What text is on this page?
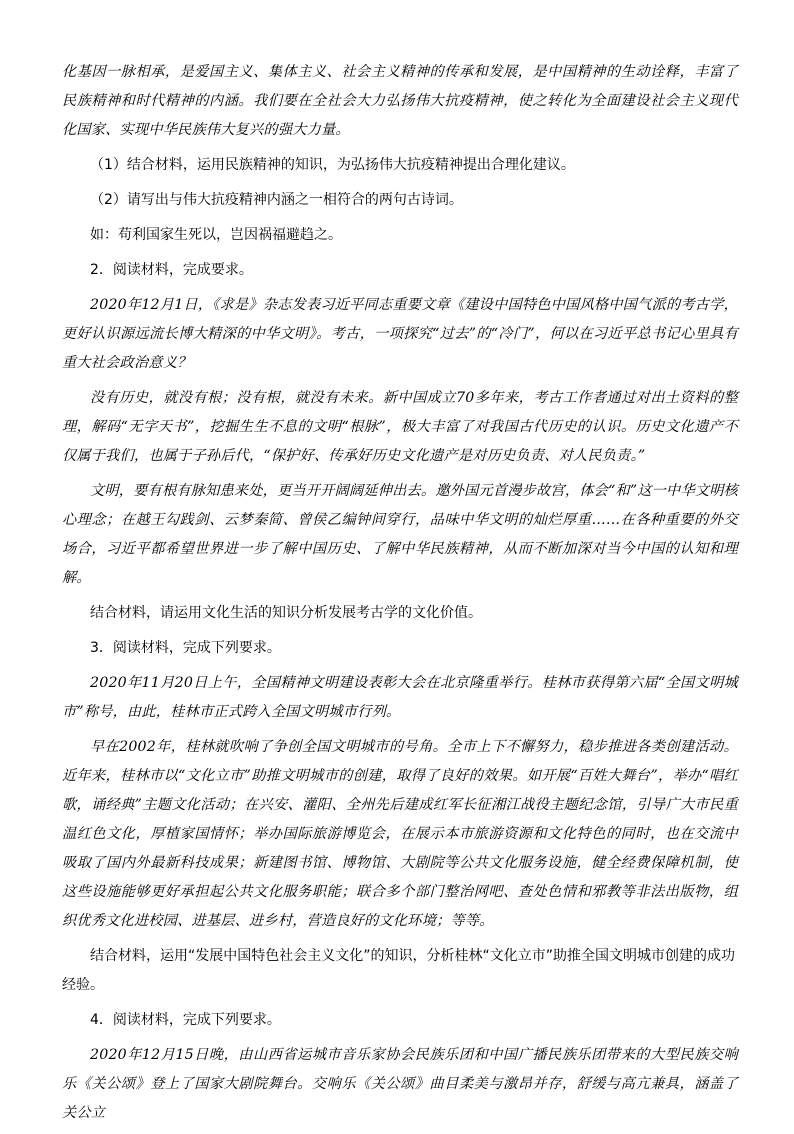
化基因一脉相承，是爱国主义、集体主义、社会主义精神的传承和发展，是中国精神的生动诠释，丰富了民族精神和时代精神的内涵。我们要在全社会大力弘扬伟大抗疫精神，使之转化为全面建设社会主义现代化国家、实现中华民族伟大复兴的强大力量。

（1）结合材料，运用民族精神的知识，为弘扬伟大抗疫精神提出合理化建议。

（2）请写出与伟大抗疫精神内涵之一相符合的两句古诗词。

如：苟利国家生死以，岂因祸福避趋之。

2．阅读材料，完成要求。

2020年12月1日，《求是》杂志发表习近平同志重要文章《建设中国特色中国风格中国气派的考古学，更好认识源远流长博大精深的中华文明》。考古，一项探究“过去”的“冷门”，何以在习近平总书记心里具有重大社会政治意义？

没有历史，就没有根；没有根，就没有未来。新中国成立70多年来，考古工作者通过对出土资料的整理，解码“无字天书”，挖掘生生不息的文明“根脉”，极大丰富了对我国古代历史的认识。历史文化遗产不仅属于我们，也属于子孙后代，“保护好、传承好历史文化遗产是对历史负责、对人民负责。”

文明，要有根有脉知患来处，更当开开阔阔延伸出去。邀外国元首漫步故宫，体会“和”这一中华文明核心理念；在越王勾践剑、云梦秦简、曾侯乙编钟间穿行，品味中华文明的灿烂厚重……在各种重要的外交场合，习近平都希望世界进一步了解中国历史、了解中华民族精神，从而不断加深对当今中国的认知和理解。

结合材料，请运用文化生活的知识分析发展考古学的文化价值。

3．阅读材料，完成下列要求。

2020年11月20日上午，全国精神文明建设表彰大会在北京隆重举行。桂林市获得第六届“全国文明城市”称号，由此，桂林市正式跨入全国文明城市行列。

早在2002年，桂林就吹响了争创全国文明城市的号角。全市上下不懈努力，稳步推进各类创建活动。近年来，桂林市以“文化立市”助推文明城市的创建，取得了良好的效果。如开展“百姓大舞台”，举办“唱红歌，诵经典”主题文化活动；在兴安、灌阳、全州先后建成红军长征湘江战役主题纪念馆，引导广大市民重温红色文化，厚植家国情怀；举办国际旅游博览会，在展示本市旅游资源和文化特色的同时，也在交流中吸取了国内外最新科技成果；新建图书馆、博物馆、大剧院等公共文化服务设施，健全经费保障机制，使这些设施能够更好承担起公共文化服务职能；联合多个部门整治网吧、查处色情和邪教等非法出版物，组织优秀文化进校园、进基层、进乡村，营造良好的文化环境；等等。

结合材料，运用“发展中国特色社会主义文化”的知识，分析桂林“文化立市”助推全国文明城市创建的成功经验。

4．阅读材料，完成下列要求。

2020年12月15日晚，由山西省运城市音乐家协会民族乐团和中国广播民族乐团带来的大型民族交响乐《关公颂》登上了国家大剧院舞台。交响乐《关公颂》曲目柔美与激昂并存，舒缓与高亢兼具，涵盖了关公立
